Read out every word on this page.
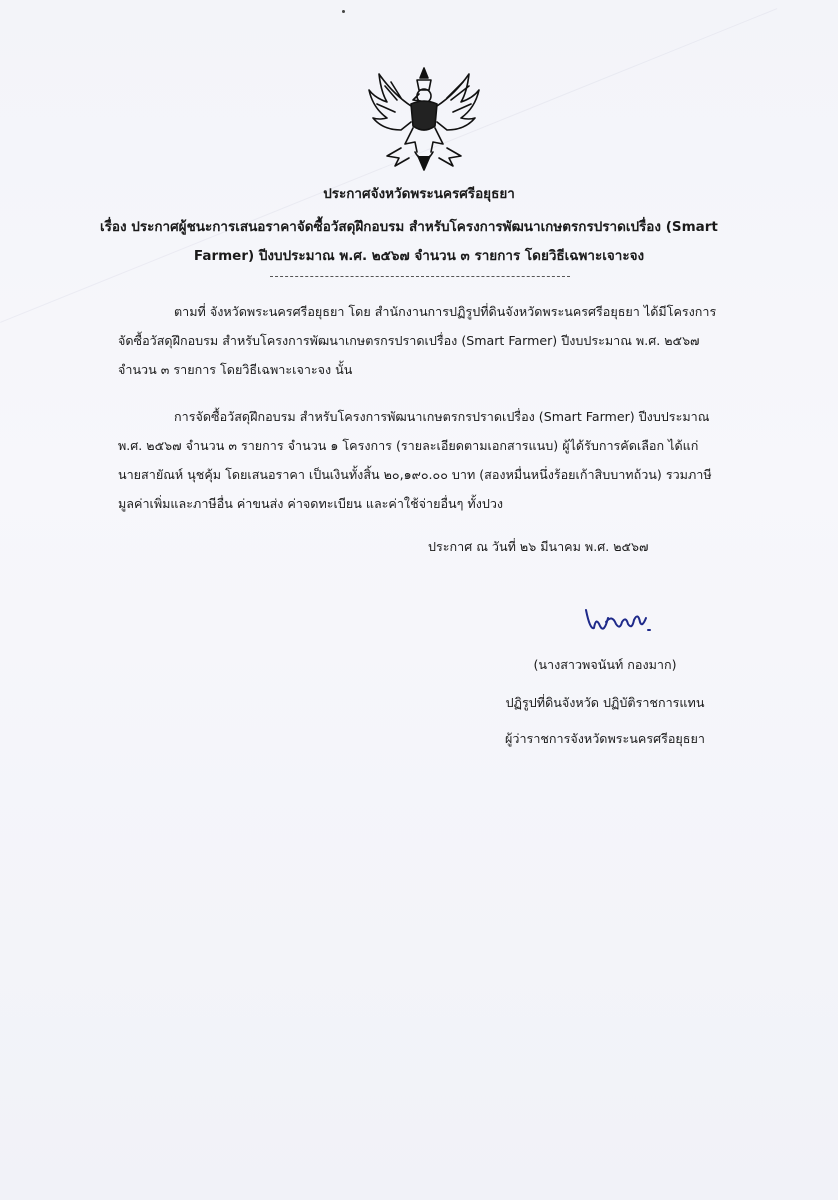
ประกาศจังหวัดพระนครศรีอยุธยา
เรื่อง ประกาศผู้ชนะการเสนอราคาจัดซื้อวัสดุฝึกอบรม สำหรับโครงการพัฒนาเกษตรกรปราดเปรื่อง (Smart
Farmer) ปีงบประมาณ พ.ศ. ๒๕๖๗ จำนวน ๓ รายการ โดยวิธีเฉพาะเจาะจง
ตามที่ จังหวัดพระนครศรีอยุธยา โดย สำนักงานการปฏิรูปที่ดินจังหวัดพระนครศรีอยุธยา ได้มีโครงการ
จัดซื้อวัสดุฝึกอบรม สำหรับโครงการพัฒนาเกษตรกรปราดเปรื่อง (Smart Farmer) ปีงบประมาณ พ.ศ. ๒๕๖๗
จำนวน ๓ รายการ โดยวิธีเฉพาะเจาะจง นั้น
การจัดซื้อวัสดุฝึกอบรม สำหรับโครงการพัฒนาเกษตรกรปราดเปรื่อง (Smart Farmer) ปีงบประมาณ
พ.ศ. ๒๕๖๗ จำนวน ๓ รายการ จำนวน ๑ โครงการ (รายละเอียดตามเอกสารแนบ) ผู้ได้รับการคัดเลือก ได้แก่
นายสายัณห์ นุชคุ้ม โดยเสนอราคา เป็นเงินทั้งสิ้น ๒๐,๑๙๐.๐๐ บาท (สองหมื่นหนึ่งร้อยเก้าสิบบาทถ้วน) รวมภาษี
มูลค่าเพิ่มและภาษีอื่น ค่าขนส่ง ค่าจดทะเบียน และค่าใช้จ่ายอื่นๆ ทั้งปวง
ประกาศ ณ วันที่ ๒๖ มีนาคม พ.ศ. ๒๕๖๗
(นางสาวพจนันท์ กองมาก)
ปฏิรูปที่ดินจังหวัด ปฏิบัติราชการแทน
ผู้ว่าราชการจังหวัดพระนครศรีอยุธยา
